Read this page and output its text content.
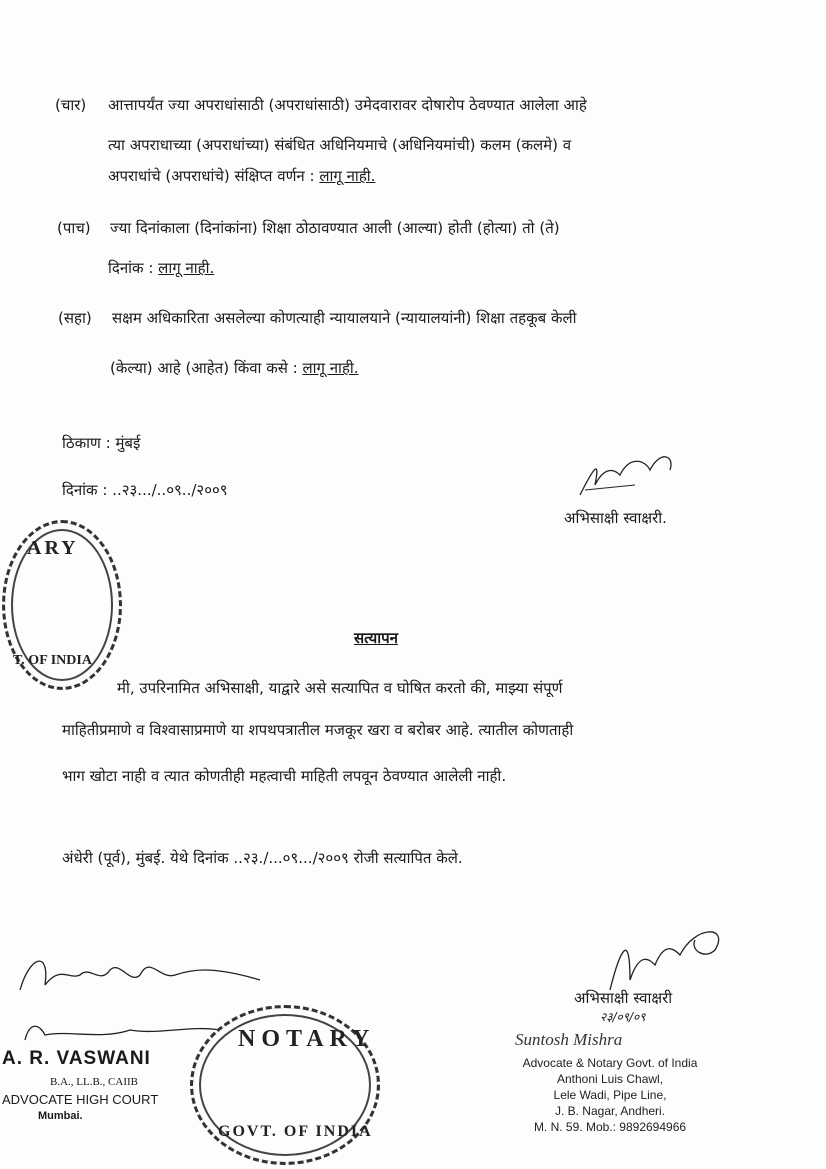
(चार) आत्तापर्यंत ज्या अपराधांसाठी (अपराधांसाठी) उमेदवारावर दोषारोप ठेवण्यात आलेला आहे
त्या अपराधाच्या (अपराधांच्या) संबंधित अधिनियमाचे (अधिनियमांची) कलम (कलमे) व
अपराधांचे (अपराधांचे) संक्षिप्त वर्णन : लागू नाही.
(पाच) ज्या दिनांकाला (दिनांकांना) शिक्षा ठोठावण्यात आली (आल्या) होती (होत्या) तो (ते)
दिनांक : लागू नाही.
(सहा) सक्षम अधिकारिता असलेल्या कोणत्याही न्यायालयाने (न्यायालयांनी) शिक्षा तहकूब केली
(केल्या) आहे (आहेत) किंवा कसे : लागू नाही.
ठिकाण : मुंबई
दिनांक : ..२३.../..०९../२००९
अभिसाक्षी स्वाक्षरी.
ARY
T. OF INDIA
सत्यापन
मी, उपरिनामित अभिसाक्षी, याद्वारे असे सत्यापित व घोषित करतो की, माझ्या संपूर्ण
माहितीप्रमाणे व विश्वासाप्रमाणे या शपथपत्रातील मजकूर खरा व बरोबर आहे. त्यातील कोणताही
भाग खोटा नाही व त्यात कोणतीही महत्वाची माहिती लपवून ठेवण्यात आलेली नाही.
अंधेरी (पूर्व), मुंबई. येथे दिनांक ..२३./...०९.../२००९ रोजी सत्यापित केले.
A. R. VASWANI
B.A., LL.B., CAIIB
ADVOCATE HIGH COURT
Mumbai.
NOTARY
GOVT. OF INDIA
अभिसाक्षी स्वाक्षरी
२३/०९/०९
Suntosh Mishra
Advocate & Notary Govt. of India
Anthoni Luis Chawl,
Lele Wadi, Pipe Line,
J. B. Nagar, Andheri.
M. N. 59. Mob.: 9892694966
